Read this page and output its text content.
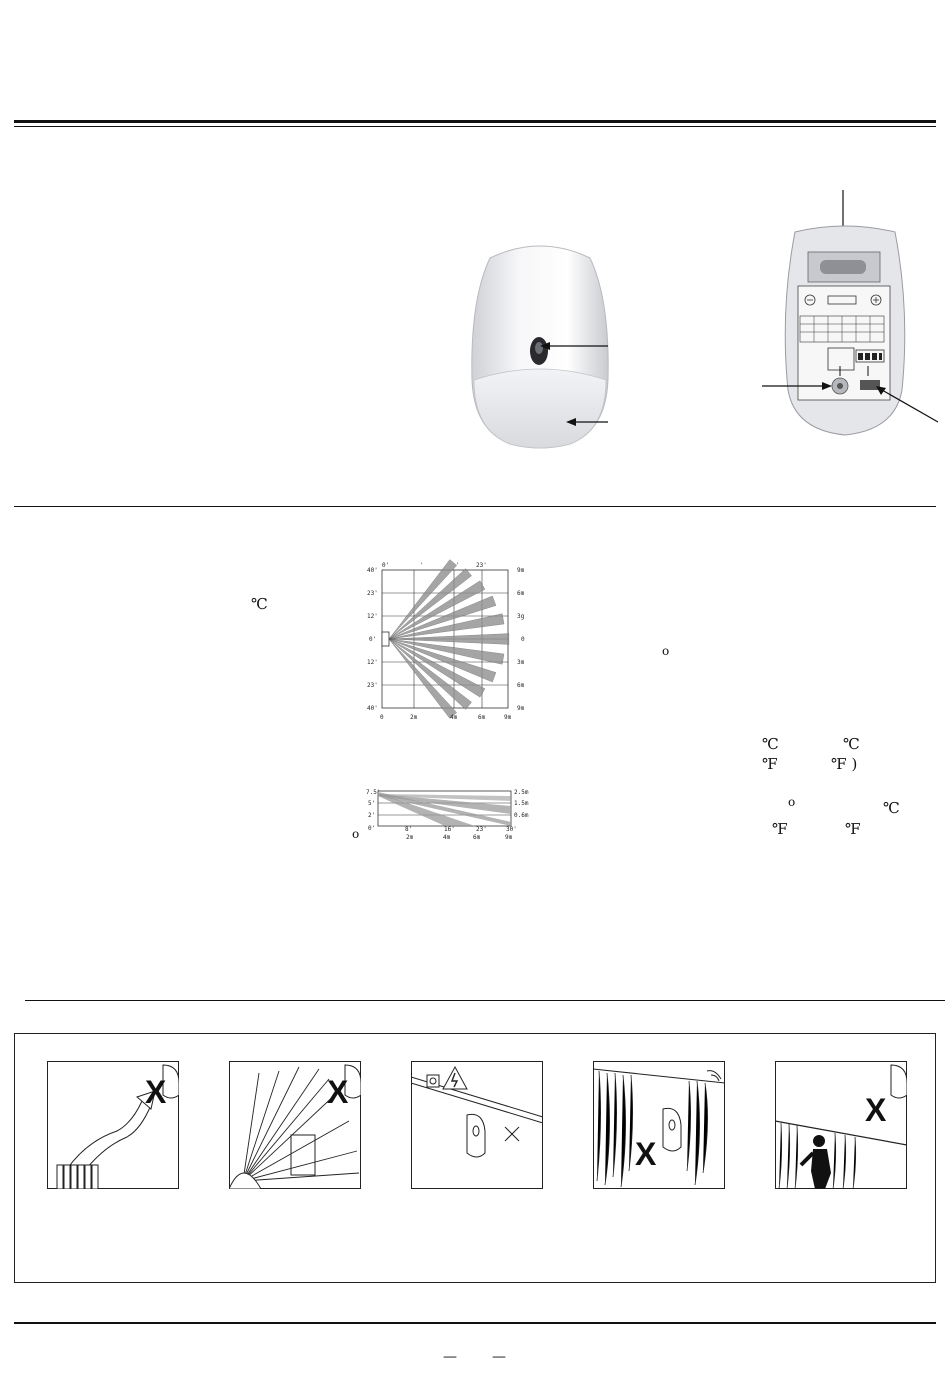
0'	'	'	23'
40'
23'
12'
0'
12'
23'
40'
9m
6m
3g
0
3m
6m
9m
0	2m	4m	6m	9m
7.5'
5'
2'
0'
2.5m
1.5m
0.6m
8'	16'	23'	30'
2m	4m	6m	9m
℃
o
℃	℃
℉	℉ )
o	℃
℉	℉
o
X	X
X
X
—	—
